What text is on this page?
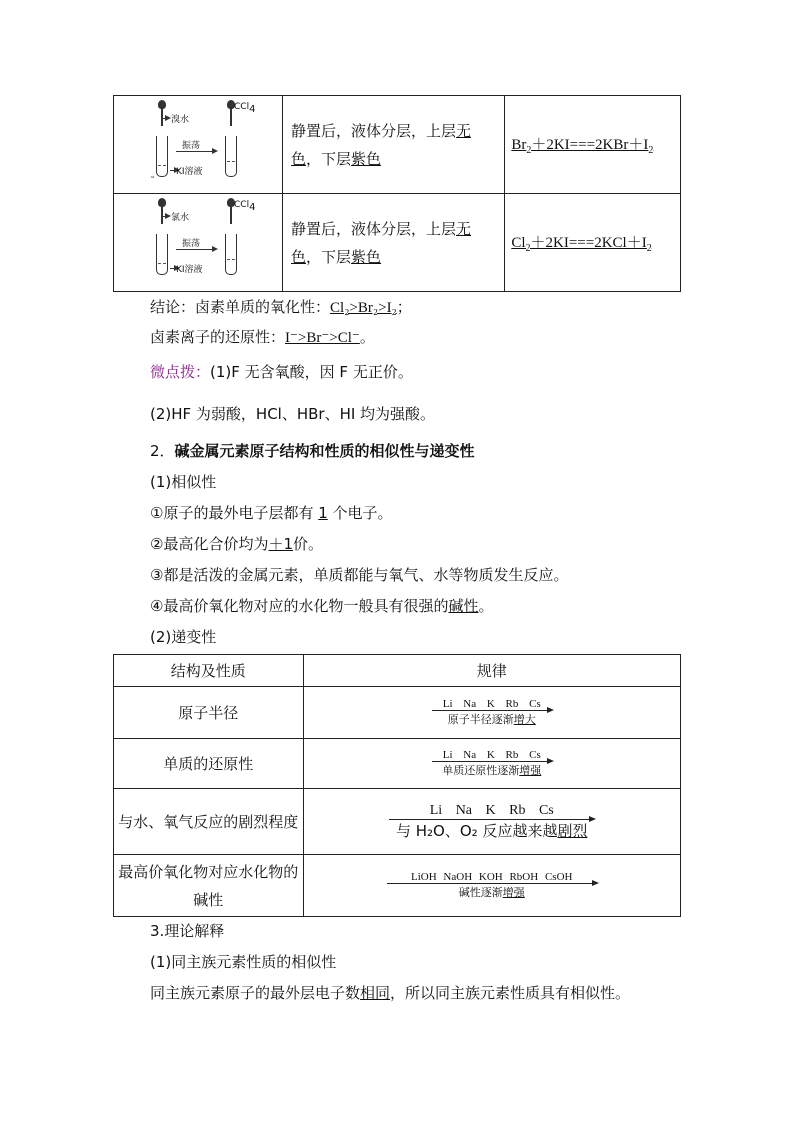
溴水
˜
KI溶液
振荡
CCl$_4$	静置后，液体分层，上层无色，下层紫色	$Br_2+2KI===2KBr+I_2$

氯水
KI溶液
振荡
CCl$_4$	静置后，液体分层，上层无色，下层紫色	$Cl_2+2KI===2KCl+I_2$
结论：卤素单质的氧化性：Cl₂>Br₂>I₂；
卤素离子的还原性：I⁻>Br⁻>Cl⁻。
微点拨：(1)F 无含氧酸，因 F 无正价。
(2)HF 为弱酸，HCl、HBr、HI 均为强酸。
2．碱金属元素原子结构和性质的相似性与递变性
(1)相似性
①原子的最外电子层都有 1 个电子。
②最高化合价均为＋1价。
③都是活泼的金属元素，单质都能与氧气、水等物质发生反应。
④最高价氧化物对应的水化物一般具有很强的碱性。
(2)递变性
结构及性质	规律
原子半径	Li Na K Rb Cs
原子半径逐渐增大

单质的还原性	Li Na K Rb Cs
单质还原性逐渐增强

与水、氧气反应的剧烈程度	Li Na K Rb Cs
与 H₂O、O₂ 反应越来越剧烈

最高价氧化物对应水化物的碱性	LiOH NaOH KOH RbOH CsOH
碱性逐渐增强
3.理论解释
(1)同主族元素性质的相似性
同主族元素原子的最外层电子数相同，所以同主族元素性质具有相似性。
